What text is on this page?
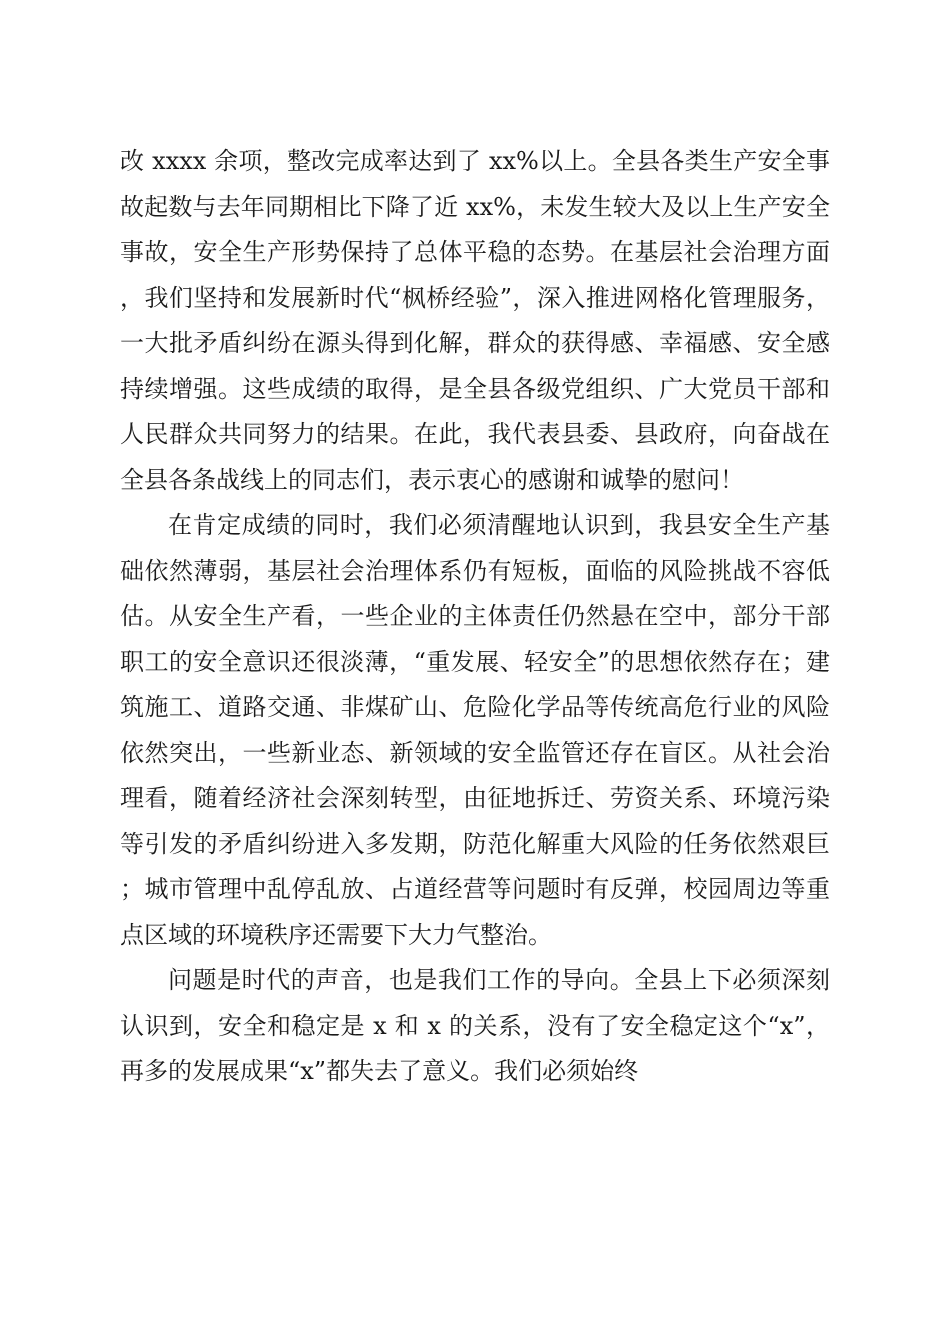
改 xxxx 余项，整改完成率达到了 xx%以上。全县各类生产安全事故起数与去年同期相比下降了近 xx%，未发生较大及以上生产安全事故，安全生产形势保持了总体平稳的态势。在基层社会治理方面，我们坚持和发展新时代“枫桥经验”，深入推进网格化管理服务，一大批矛盾纠纷在源头得到化解，群众的获得感、幸福感、安全感持续增强。这些成绩的取得，是全县各级党组织、广大党员干部和人民群众共同努力的结果。在此，我代表县委、县政府，向奋战在全县各条战线上的同志们，表示衷心的感谢和诚挚的慰问！

在肯定成绩的同时，我们必须清醒地认识到，我县安全生产基础依然薄弱，基层社会治理体系仍有短板，面临的风险挑战不容低估。从安全生产看，一些企业的主体责任仍然悬在空中，部分干部职工的安全意识还很淡薄，“重发展、轻安全”的思想依然存在；建筑施工、道路交通、非煤矿山、危险化学品等传统高危行业的风险依然突出，一些新业态、新领域的安全监管还存在盲区。从社会治理看，随着经济社会深刻转型，由征地拆迁、劳资关系、环境污染等引发的矛盾纠纷进入多发期，防范化解重大风险的任务依然艰巨；城市管理中乱停乱放、占道经营等问题时有反弹，校园周边等重点区域的环境秩序还需要下大力气整治。

问题是时代的声音，也是我们工作的导向。全县上下必须深刻认识到，安全和稳定是 x 和 x 的关系，没有了安全稳定这个“x”，再多的发展成果“x”都失去了意义。我们必须始终
